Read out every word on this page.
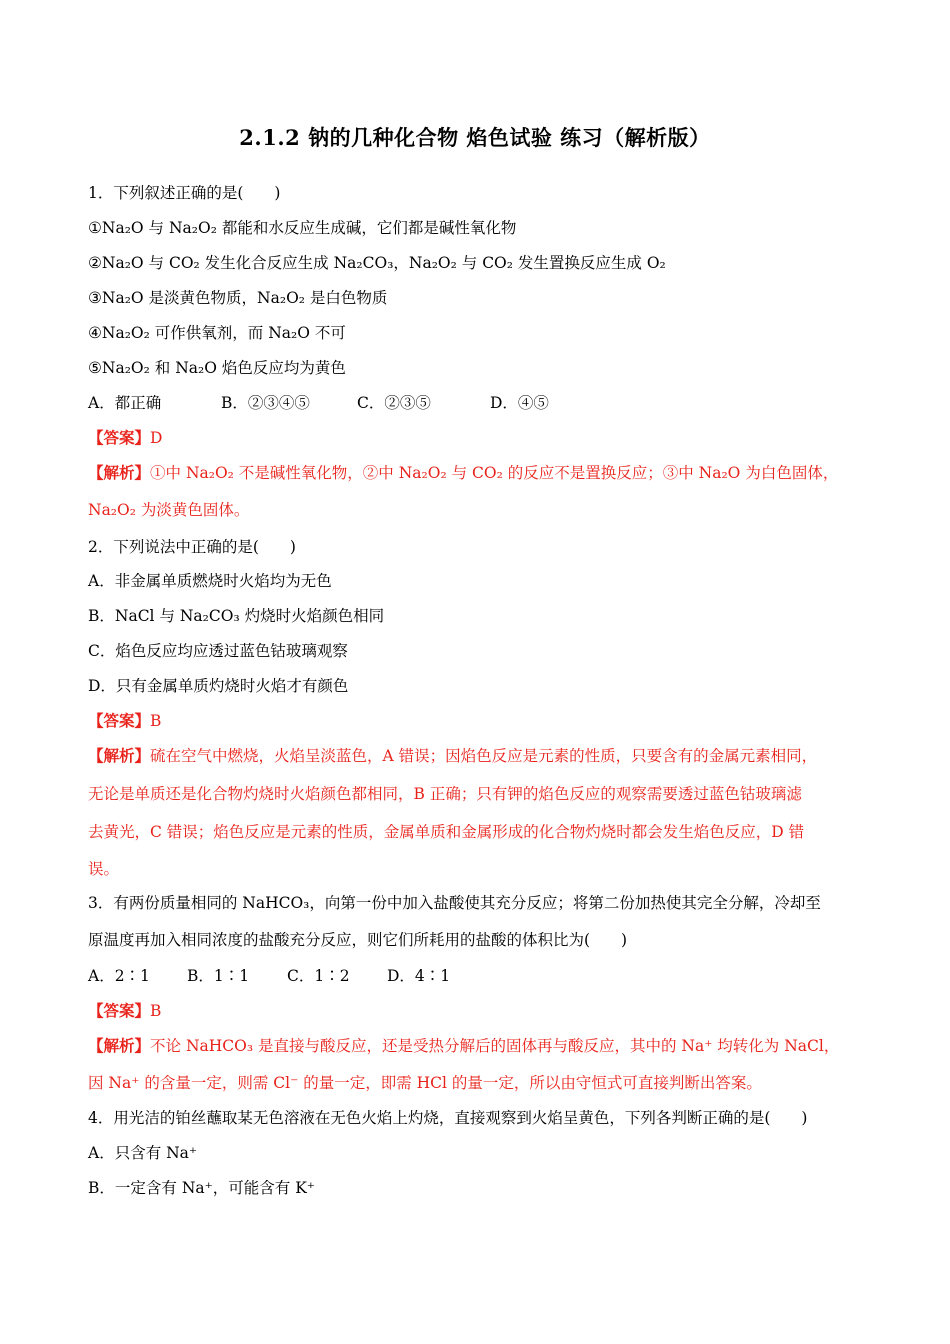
2.1.2 钠的几种化合物 焰色试验 练习（解析版）
1．下列叙述正确的是(　　)
①Na₂O 与 Na₂O₂ 都能和水反应生成碱，它们都是碱性氧化物
②Na₂O 与 CO₂ 发生化合反应生成 Na₂CO₃，Na₂O₂ 与 CO₂ 发生置换反应生成 O₂
③Na₂O 是淡黄色物质，Na₂O₂ 是白色物质
④Na₂O₂ 可作供氧剂，而 Na₂O 不可
⑤Na₂O₂ 和 Na₂O 焰色反应均为黄色
A．都正确	B．②③④⑤	C．②③⑤	D．④⑤
【答案】D
【解析】①中 Na₂O₂ 不是碱性氧化物，②中 Na₂O₂ 与 CO₂ 的反应不是置换反应；③中 Na₂O 为白色固体，
Na₂O₂ 为淡黄色固体。
2．下列说法中正确的是(　　)
A．非金属单质燃烧时火焰均为无色
B．NaCl 与 Na₂CO₃ 灼烧时火焰颜色相同
C．焰色反应均应透过蓝色钴玻璃观察
D．只有金属单质灼烧时火焰才有颜色
【答案】B
【解析】硫在空气中燃烧，火焰呈淡蓝色，A 错误；因焰色反应是元素的性质，只要含有的金属元素相同，
无论是单质还是化合物灼烧时火焰颜色都相同，B 正确；只有钾的焰色反应的观察需要透过蓝色钴玻璃滤
去黄光，C 错误；焰色反应是元素的性质，金属单质和金属形成的化合物灼烧时都会发生焰色反应，D 错
误。
3．有两份质量相同的 NaHCO₃，向第一份中加入盐酸使其充分反应；将第二份加热使其完全分解，冷却至
原温度再加入相同浓度的盐酸充分反应，则它们所耗用的盐酸的体积比为(　　)
A．2∶1 B．1∶1 C．1∶2 D．4∶1
【答案】B
【解析】不论 NaHCO₃ 是直接与酸反应，还是受热分解后的固体再与酸反应，其中的 Na⁺ 均转化为 NaCl，
因 Na⁺ 的含量一定，则需 Cl⁻ 的量一定，即需 HCl 的量一定，所以由守恒式可直接判断出答案。
4．用光洁的铂丝蘸取某无色溶液在无色火焰上灼烧，直接观察到火焰呈黄色，下列各判断正确的是(　　)
A．只含有 Na⁺
B．一定含有 Na⁺，可能含有 K⁺
